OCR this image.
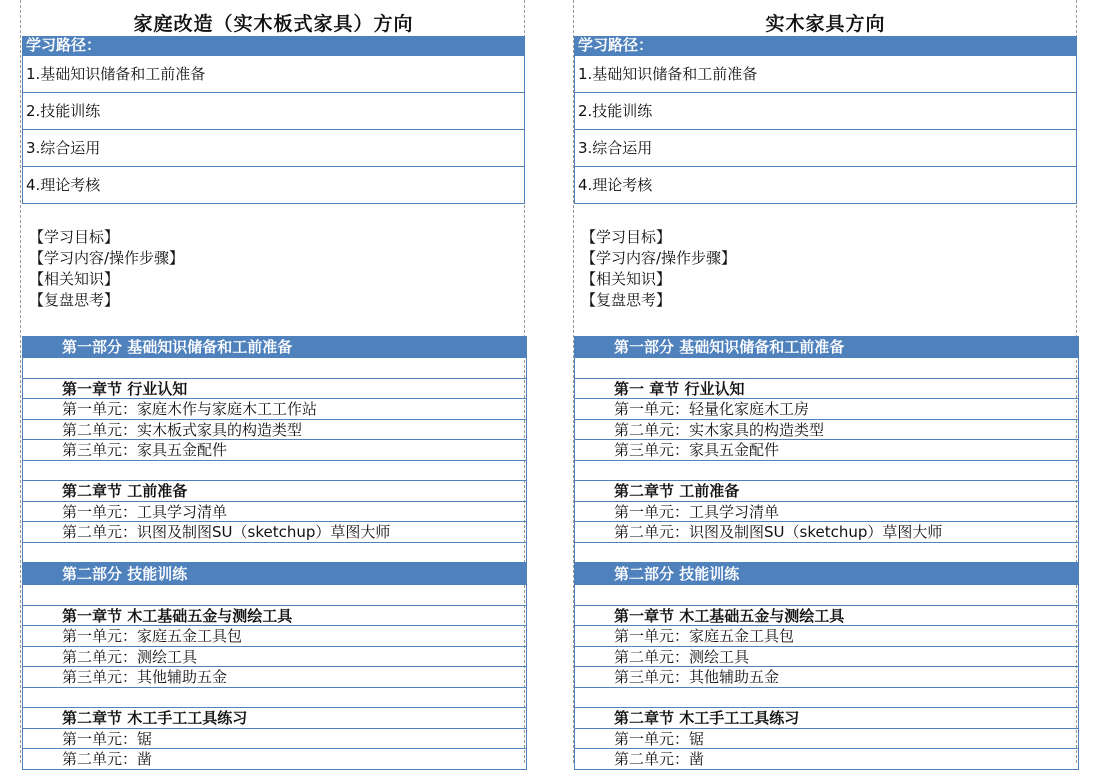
家庭改造（实木板式家具）方向
学习路径：
1.基础知识储备和工前准备
2.技能训练
3.综合运用
4.理论考核
【学习目标】
【学习内容/操作步骤】
【相关知识】
【复盘思考】
第一部分 基础知识储备和工前准备
第一章节 行业认知
第一单元：家庭木作与家庭木工工作站
第二单元：实木板式家具的构造类型
第三单元：家具五金配件
第二章节 工前准备
第一单元：工具学习清单
第二单元：识图及制图SU（sketchup）草图大师
第二部分 技能训练
第一章节 木工基础五金与测绘工具
第一单元：家庭五金工具包
第二单元：测绘工具
第三单元：其他辅助五金
第二章节 木工手工工具练习
第一单元：锯
第二单元：凿
实木家具方向
学习路径：
1.基础知识储备和工前准备
2.技能训练
3.综合运用
4.理论考核
【学习目标】
【学习内容/操作步骤】
【相关知识】
【复盘思考】
第一部分 基础知识储备和工前准备
第一 章节 行业认知
第一单元：轻量化家庭木工房
第二单元：实木家具的构造类型
第三单元：家具五金配件
第二章节 工前准备
第一单元：工具学习清单
第二单元：识图及制图SU（sketchup）草图大师
第二部分 技能训练
第一章节 木工基础五金与测绘工具
第一单元：家庭五金工具包
第二单元：测绘工具
第三单元：其他辅助五金
第二章节 木工手工工具练习
第一单元：锯
第二单元：凿
